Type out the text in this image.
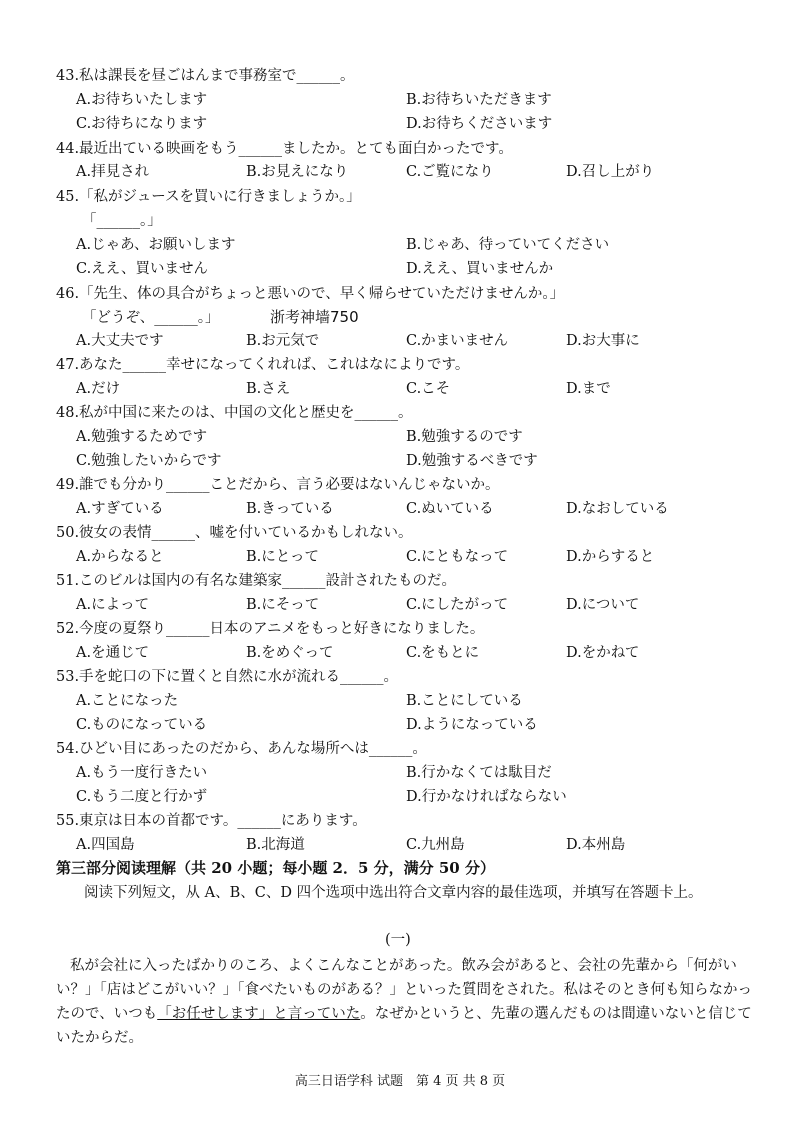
43.私は課長を昼ごはんまで事務室で______。
A.お待ちいたします	B.お待ちいただきます
C.お待ちになります	D.お待ちくださいます
44.最近出ている映画をもう______ましたか。とても面白かったです。
A.拝見され	B.お見えになり	C.ご覧になり	D.召し上がり
45.「私がジュースを買いに行きましょうか。」
「______。」
A.じゃあ、お願いします	B.じゃあ、待っていてください
C.ええ、買いません	D.ええ、買いませんか
46.「先生、体の具合がちょっと悪いので、早く帰らせていただけませんか。」
「どうぞ、______。」	浙考神墙750
A.大丈夫です	B.お元気で	C.かまいません	D.お大事に
47.あなた______幸せになってくれれば、これはなによりです。
A.だけ	B.さえ	C.こそ	D.まで
48.私が中国に来たのは、中国の文化と歴史を______。
A.勉強するためです	B.勉強するのです
C.勉強したいからです	D.勉強するべきです
49.誰でも分かり______ことだから、言う必要はないんじゃないか。
A.すぎている	B.きっている	C.ぬいている	D.なおしている
50.彼女の表情______、嘘を付いているかもしれない。
A.からなると	B.にとって	C.にともなって	D.からすると
51.このビルは国内の有名な建築家______設計されたものだ。
A.によって	B.にそって	C.にしたがって	D.について
52.今度の夏祭り______日本のアニメをもっと好きになりました。
A.を通じて	B.をめぐって	C.をもとに	D.をかねて
53.手を蛇口の下に置くと自然に水が流れる______。
A.ことになった	B.ことにしている
C.ものになっている	D.ようになっている
54.ひどい目にあったのだから、あんな場所へは______。
A.もう一度行きたい	B.行かなくては駄目だ
C.もう二度と行かず	D.行かなければならない
55.東京は日本の首都です。______にあります。
A.四国島	B.北海道	C.九州島	D.本州島
第三部分阅读理解（共 20 小题；每小题 2．5 分，满分 50 分）
阅读下列短文，从 A、B、C、D 四个选项中选出符合文章内容的最佳选项，并填写在答题卡上。
(一)
私が会社に入ったばかりのころ、よくこんなことがあった。飲み会があると、会社の先輩から「何がいい？」「店はどこがいい？」「食べたいものがある？」といった質問をされた。私はそのとき何も知らなかったので、いつも「お任せします」と言っていた。なぜかというと、先輩の選んだものは間違いないと信じていたからだ。
高三日语学科 试题　第 4 页 共 8 页
